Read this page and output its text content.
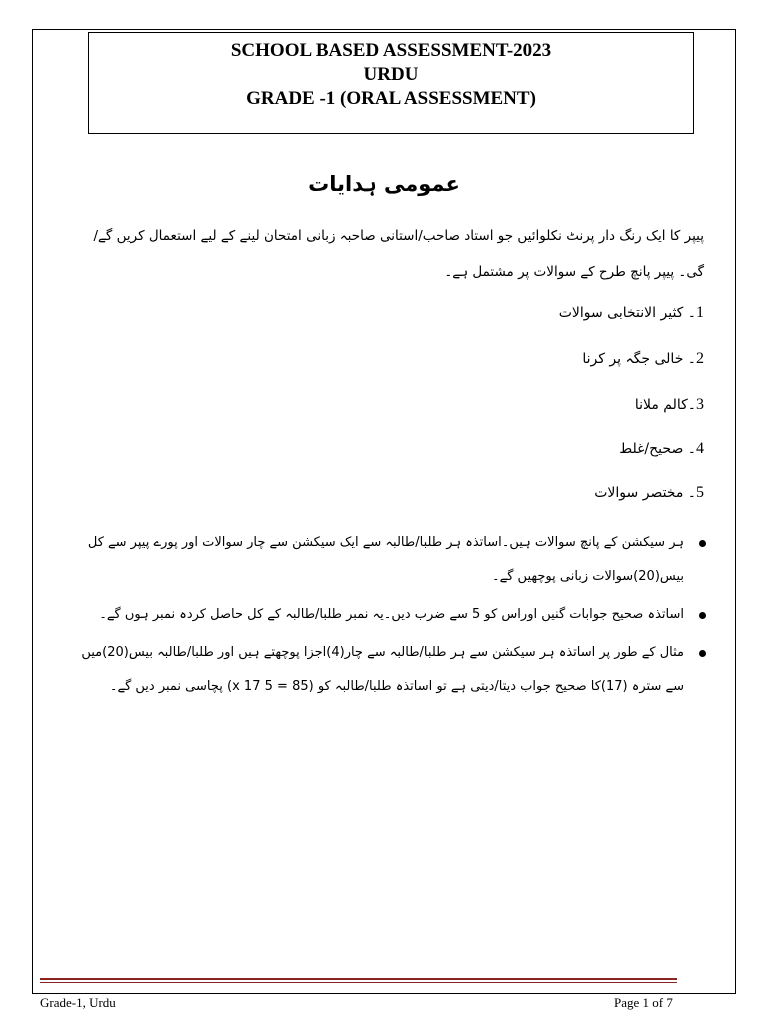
SCHOOL BASED ASSESSMENT-2023
URDU
GRADE -1 (ORAL ASSESSMENT)
عمومی ہدایات
پیپر کا ایک رنگ دار پرنٹ نکلوائیں جو استاد صاحب/استانی صاحبہ زبانی امتحان لینے کے لیے استعمال کریں گے/گی۔ پیپر پانچ طرح کے سوالات پر مشتمل ہے۔
1۔ کثیر الانتخابی سوالات
2۔ خالی جگہ پر کرنا
3۔کالم ملانا
4۔ صحیح/غلط
5۔ مختصر سوالات
ہر سیکشن کے پانچ سوالات ہیں۔اساتذہ ہر طلبا/طالبہ سے ایک سیکشن سے چار سوالات اور پورے پیپر سے کل بیس(20)سوالات زبانی پوچھیں گے۔
اساتذہ صحیح جوابات گنیں اوراس کو 5 سے ضرب دیں۔یہ نمبر طلبا/طالبہ کے کل حاصل کردہ نمبر ہوں گے۔
مثال کے طور پر اساتذہ ہر سیکشن سے ہر طلبا/طالبہ سے چار(4)اجزا پوچھتے ہیں اور طلبا/طالبہ بیس(20)میں سے سترہ (17)کا صحیح جواب دیتا/دیتی ہے تو اساتذہ طلبا/طالبہ کو (85 = 5 x 17) پچاسی نمبر دیں گے۔
Grade-1, Urdu	Page 1 of 7
